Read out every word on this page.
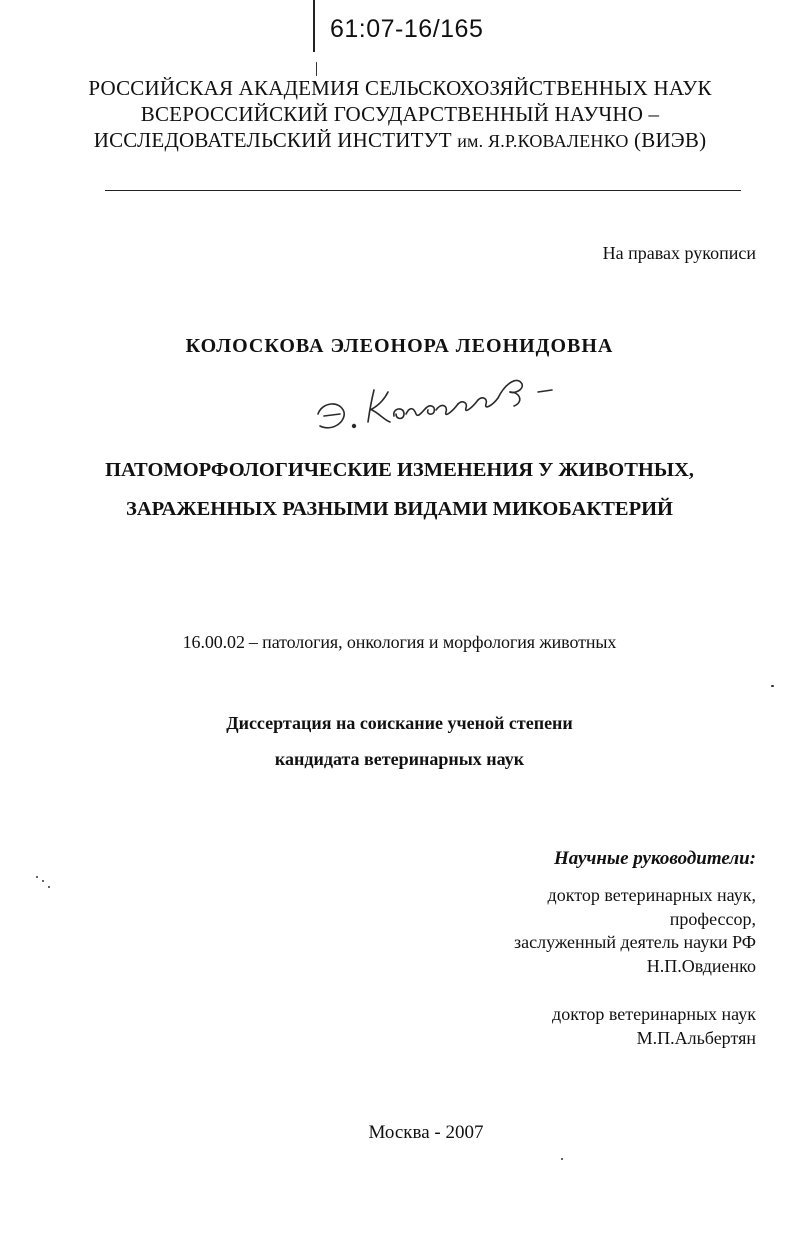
61:07-16/165
РОССИЙСКАЯ АКАДЕМИЯ СЕЛЬСКОХОЗЯЙСТВЕННЫХ НАУК
ВСЕРОССИЙСКИЙ ГОСУДАРСТВЕННЫЙ НАУЧНО –
ИССЛЕДОВАТЕЛЬСКИЙ ИНСТИТУТ им. Я.Р.КОВАЛЕНКО (ВИЭВ)
На правах рукописи
КОЛОСКОВА ЭЛЕОНОРА ЛЕОНИДОВНА
ПАТОМОРФОЛОГИЧЕСКИЕ ИЗМЕНЕНИЯ У ЖИВОТНЫХ,
ЗАРАЖЕННЫХ РАЗНЫМИ ВИДАМИ МИКОБАКТЕРИЙ
16.00.02 – патология, онкология и морфология животных
Диссертация на соискание ученой степени
кандидата ветеринарных наук
Научные руководители:
доктор ветеринарных наук,
профессор,
заслуженный деятель науки РФ
Н.П.Овдиенко
доктор ветеринарных наук
М.П.Альбертян
Москва - 2007
